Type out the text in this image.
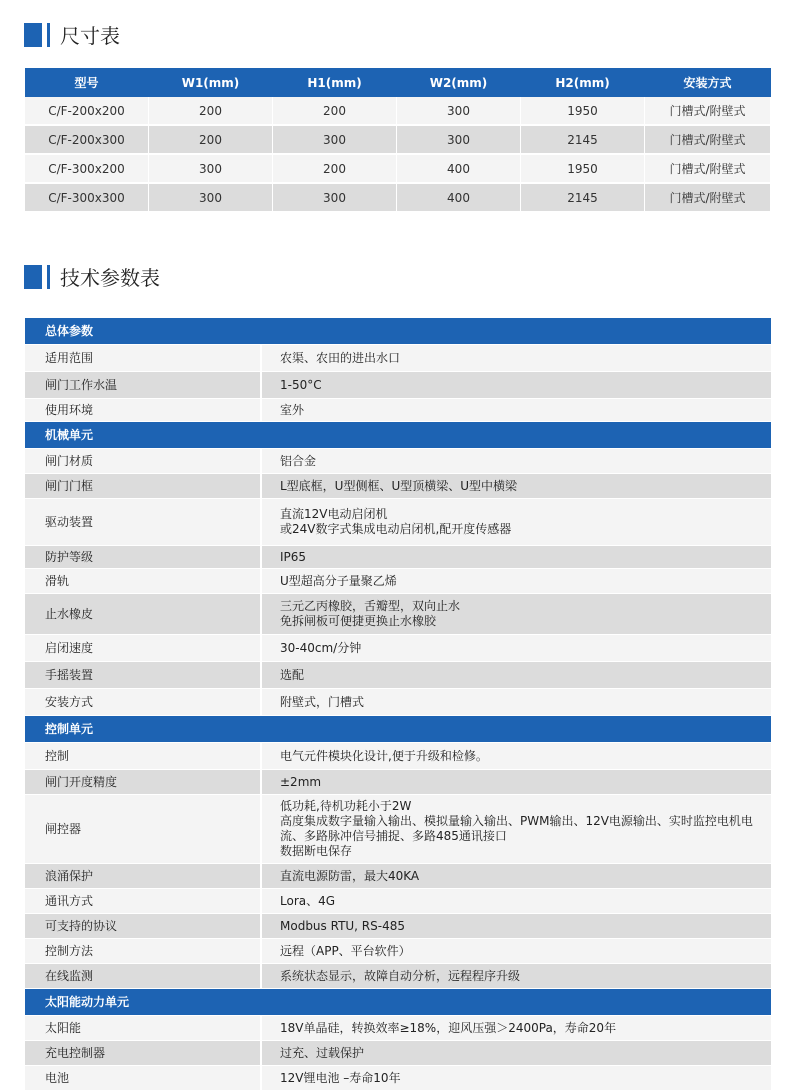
尺寸表
型号	W1(mm)	H1(mm)	W2(mm)	H2(mm)	安装方式
C/F-200x200	200	200	300	1950	门槽式/附壁式
C/F-200x300	200	300	300	2145	门槽式/附壁式
C/F-300x200	300	200	400	1950	门槽式/附壁式
C/F-300x300	300	300	400	2145	门槽式/附壁式
技术参数表
总体参数	
适用范围	农渠、农田的进出水口

闸门工作水温	1-50°C

使用环境	室外

机械单元	
闸门材质	铝合金

闸门门框	L型底框，U型侧框、U型顶横梁、U型中横梁

驱动装置	直流12V电动启闭机
或24V数字式集成电动启闭机,配开度传感器

防护等级	IP65

滑轨	U型超高分子量聚乙烯

止水橡皮	三元乙丙橡胶，舌瓣型，双向止水
免拆闸板可便捷更换止水橡胶

启闭速度	30-40cm/分钟

手摇装置	选配

安装方式	附壁式，门槽式

控制单元	
控制	电气元件模块化设计,便于升级和检修。

闸门开度精度	±2mm

闸控器	低功耗,待机功耗小于2W
高度集成数字量输入输出、模拟量输入输出、PWM输出、12V电源输出、实时监控电机电
流、多路脉冲信号捕捉、多路485通讯接口
数据断电保存

浪涌保护	直流电源防雷，最大40KA

通讯方式	Lora、4G

可支持的协议	Modbus RTU, RS-485

控制方法	远程（APP、平台软件）

在线监测	系统状态显示，故障自动分析，远程程序升级

太阳能动力单元	
太阳能	18V单晶硅，转换效率≥18%，迎风压强＞2400Pa，寿命20年

充电控制器	过充、过载保护

电池	12V锂电池 –寿命10年
